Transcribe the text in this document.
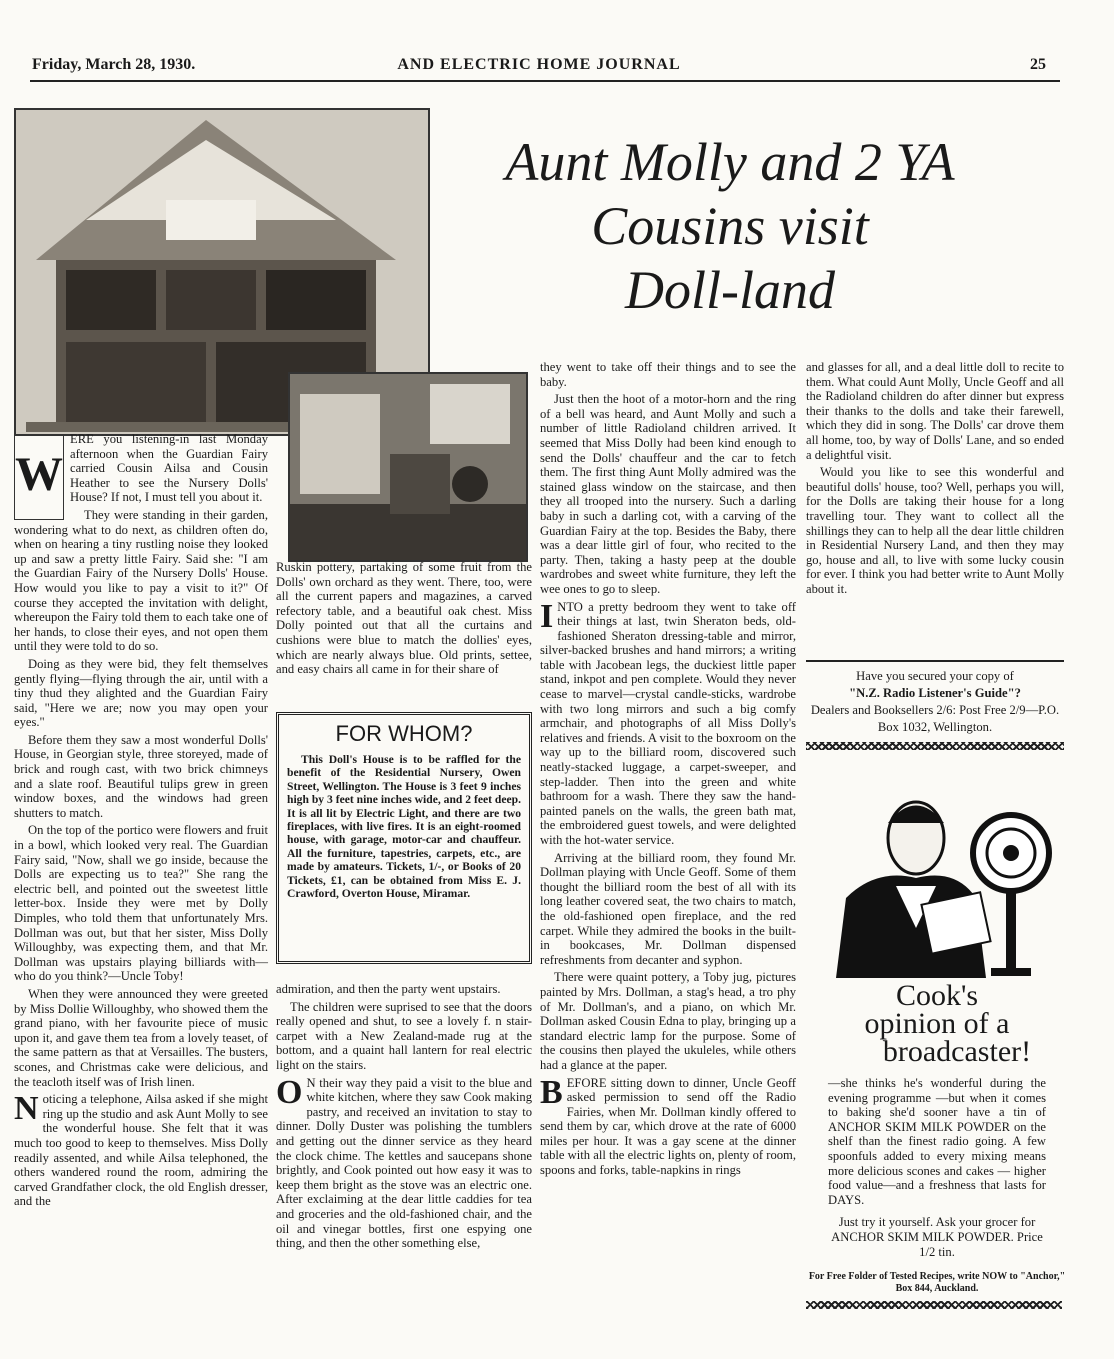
Friday, March 28, 1930.	AND ELECTRIC HOME JOURNAL	25
Aunt Molly and 2 YA
Cousins visit
Doll-land
W

ERE you listening-in last Monday afternoon when the Guardian Fairy carried Cousin Ailsa and Cousin Heather to see the Nursery Dolls' House? If not, I must tell you about it.

They were standing in their garden, wondering what to do next, as children often do, when on hearing a tiny rustling noise they looked up and saw a pretty little Fairy. Said she: "I am the Guardian Fairy of the Nursery Dolls' House. How would you like to pay a visit to it?" Of course they accepted the invitation with delight, whereupon the Fairy told them to each take one of her hands, to close their eyes, and not open them until they were told to do so.

Doing as they were bid, they felt themselves gently flying—flying through the air, until with a tiny thud they alighted and the Guardian Fairy said, "Here we are; now you may open your eyes."

Before them they saw a most wonderful Dolls' House, in Georgian style, three storeyed, made of brick and rough cast, with two brick chimneys and a slate roof. Beautiful tulips grew in green window boxes, and the windows had green shutters to match.

On the top of the portico were flowers and fruit in a bowl, which looked very real. The Guardian Fairy said, "Now, shall we go inside, because the Dolls are expecting us to tea?" She rang the electric bell, and pointed out the sweetest little letter-box. Inside they were met by Dolly Dimples, who told them that unfortunately Mrs. Dollman was out, but that her sister, Miss Dolly Willoughby, was expecting them, and that Mr. Dollman was upstairs playing billiards with—who do you think?—Uncle Toby!

When they were announced they were greeted by Miss Dollie Willoughby, who showed them the grand piano, with her favourite piece of music upon it, and gave them tea from a lovely teaset, of the same pattern as that at Versailles. The busters, scones, and Christmas cake were delicious, and the teacloth itself was of Irish linen.

Noticing a telephone, Ailsa asked if she might ring up the studio and ask Aunt Molly to see the wonderful house. She felt that it was much too good to keep to themselves. Miss Dolly readily assented, and while Ailsa telephoned, the others wandered round the room, admiring the carved Grandfather clock, the old English dresser, and the

Ruskin pottery, partaking of some fruit from the Dolls' own orchard as they went. There, too, were all the current papers and magazines, a carved refectory table, and a beautiful oak chest. Miss Dolly pointed out that all the curtains and cushions were blue to match the dollies' eyes, which are nearly always blue. Old prints, settee, and easy chairs all came in for their share of

FOR WHOM?
This Doll's House is to be raffled for the benefit of the Residential Nursery, Owen Street, Wellington. The House is 3 feet 9 inches high by 3 feet nine inches wide, and 2 feet deep. It is all lit by Electric Light, and there are two fireplaces, with live fires. It is an eight-roomed house, with garage, motor-car and chauffeur. All the furniture, tapestries, carpets, etc., are made by amateurs. Tickets, 1/-, or Books of 20 Tickets, £1, can be obtained from Miss E. J. Crawford, Overton House, Miramar.

admiration, and then the party went upstairs.

The children were suprised to see that the doors really opened and shut, to see a lovely f. n stair-carpet with a New Zealand-made rug at the bottom, and a quaint hall lantern for real electric light on the stairs.

O N their way they paid a visit to the blue and white kitchen, where they saw Cook making pastry, and received an invitation to stay to dinner. Dolly Duster was polishing the tumblers and getting out the dinner service as they heard the clock chime. The kettles and saucepans shone brightly, and Cook pointed out how easy it was to keep them bright as the stove was an electric one. After exclaiming at the dear little caddies for tea and groceries and the old-fashioned chair, and the oil and vinegar bottles, first one espying one thing, and then the other something else,

they went to take off their things and to see the baby.

Just then the hoot of a motor-horn and the ring of a bell was heard, and Aunt Molly and such a number of little Radioland children arrived. It seemed that Miss Dolly had been kind enough to send the Dolls' chauffeur and the car to fetch them. The first thing Aunt Molly admired was the stained glass window on the staircase, and then they all trooped into the nursery. Such a darling baby in such a darling cot, with a carving of the Guardian Fairy at the top. Besides the Baby, there was a dear little girl of four, who recited to the party. Then, taking a hasty peep at the double wardrobes and sweet white furniture, they left the wee ones to go to sleep.

INTO a pretty bedroom they went to take off their things at last, twin Sheraton beds, old-fashioned Sheraton dressing-table and mirror, silver-backed brushes and hand mirrors; a writing table with Jacobean legs, the duckiest little paper stand, inkpot and pen complete. Would they never cease to marvel—crystal candle-sticks, wardrobe with two long mirrors and such a big comfy armchair, and photographs of all Miss Dolly's relatives and friends. A visit to the boxroom on the way up to the billiard room, discovered such neatly-stacked luggage, a carpet-sweeper, and step-ladder. Then into the green and white bathroom for a wash. There they saw the hand-painted panels on the walls, the green bath mat, the embroidered guest towels, and were delighted with the hot-water service.

Arriving at the billiard room, they found Mr. Dollman playing with Uncle Geoff. Some of them thought the billiard room the best of all with its long leather covered seat, the two chairs to match, the old-fashioned open fireplace, and the red carpet. While they admired the books in the built-in bookcases, Mr. Dollman dispensed refreshments from decanter and syphon.

There were quaint pottery, a Toby jug, pictures painted by Mrs. Dollman, a stag's head, a tro phy of Mr. Dollman's, and a piano, on which Mr. Dollman asked Cousin Edna to play, bringing up a standard electric lamp for the purpose. Some of the cousins then played the ukuleles, while others had a glance at the paper.

BEFORE sitting down to dinner, Uncle Geoff asked permission to send off the Radio Fairies, when Mr. Dollman kindly offered to send them by car, which drove at the rate of 6000 miles per hour. It was a gay scene at the dinner table with all the electric lights on, plenty of room, spoons and forks, table-napkins in rings

and glasses for all, and a deal little doll to recite to them. What could Aunt Molly, Uncle Geoff and all the Radioland children do after dinner but express their thanks to the dolls and take their farewell, which they did in song. The Dolls' car drove them all home, too, by way of Dolls' Lane, and so ended a delightful visit.

Would you like to see this wonderful and beautiful dolls' house, too? Well, perhaps you will, for the Dolls are taking their house for a long travelling tour. They want to collect all the shillings they can to help all the dear little children in Residential Nursery Land, and then they may go, house and all, to live with some lucky cousin for ever. I think you had better write to Aunt Molly about it.

Have you secured your copy of
"N.Z. Radio Listener's Guide"?
Dealers and Booksellers 2/6: Post Free 2/9—P.O. Box 1032, Wellington.
Cook's
opinion of a
broadcaster!
—she thinks he's wonderful during the evening programme —but when it comes to baking she'd sooner have a tin of ANCHOR SKIM MILK POWDER on the shelf than the finest radio going. A few spoonfuls added to every mixing means more delicious scones and cakes — higher food value—and a freshness that lasts for DAYS.
Just try it yourself. Ask your grocer for ANCHOR SKIM MILK POWDER. Price 1/2 tin.
For Free Folder of Tested Recipes, write NOW to "Anchor," Box 844, Auckland.
